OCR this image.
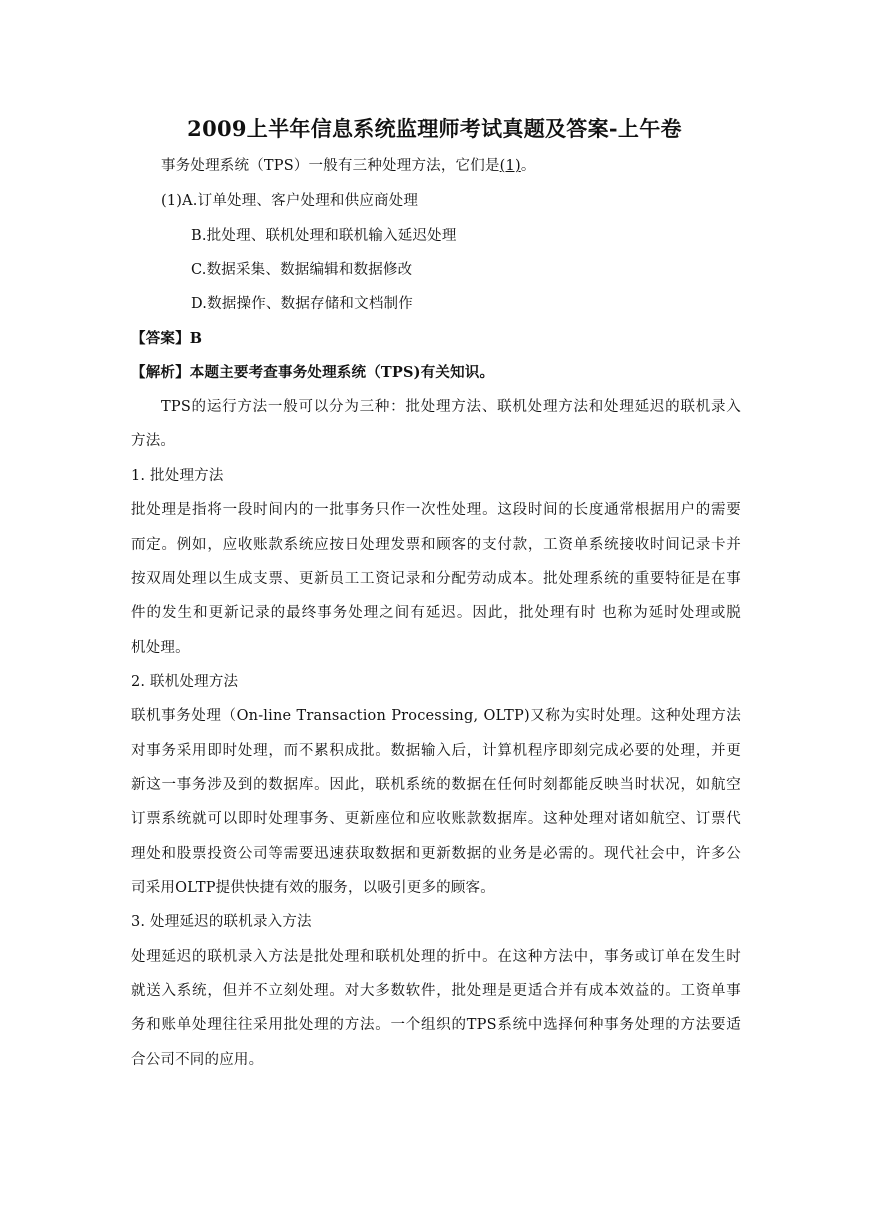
2009上半年信息系统监理师考试真题及答案-上午卷
事务处理系统（TPS）一般有三种处理方法，它们是(1)。
(1)A.订单处理、客户处理和供应商处理
B.批处理、联机处理和联机输入延迟处理
C.数据采集、数据编辑和数据修改
D.数据操作、数据存储和文档制作
【答案】B
【解析】本题主要考查事务处理系统（TPS)有关知识。
TPS的运行方法一般可以分为三种：批处理方法、联机处理方法和处理延迟的联机录入
方法。
1. 批处理方法
批处理是指将一段时间内的一批事务只作一次性处理。这段时间的长度通常根据用户的需要
而定。例如，应收账款系统应按日处理发票和顾客的支付款，工资单系统接收时间记录卡并
按双周处理以生成支票、更新员工工资记录和分配劳动成本。批处理系统的重要特征是在事
件的发生和更新记录的最终事务处理之间有延迟。因此，批处理有时 也称为延时处理或脱
机处理。
2. 联机处理方法
联机事务处理（On-line Transaction Processing, OLTP)又称为实时处理。这种处理方法
对事务采用即时处理，而不累积成批。数据输入后，计算机程序即刻完成必要的处理，并更
新这一事务涉及到的数据库。因此，联机系统的数据在任何时刻都能反映当时状况，如航空
订票系统就可以即时处理事务、更新座位和应收账款数据库。这种处理对诸如航空、订票代
理处和股票投资公司等需要迅速获取数据和更新数据的业务是必需的。现代社会中，许多公
司采用OLTP提供快捷有效的服务，以吸引更多的顾客。
3. 处理延迟的联机录入方法
处理延迟的联机录入方法是批处理和联机处理的折中。在这种方法中，事务或订单在发生时
就送入系统，但并不立刻处理。对大多数软件，批处理是更适合并有成本效益的。工资单事
务和账单处理往往采用批处理的方法。一个组织的TPS系统中选择何种事务处理的方法要适
合公司不同的应用。
